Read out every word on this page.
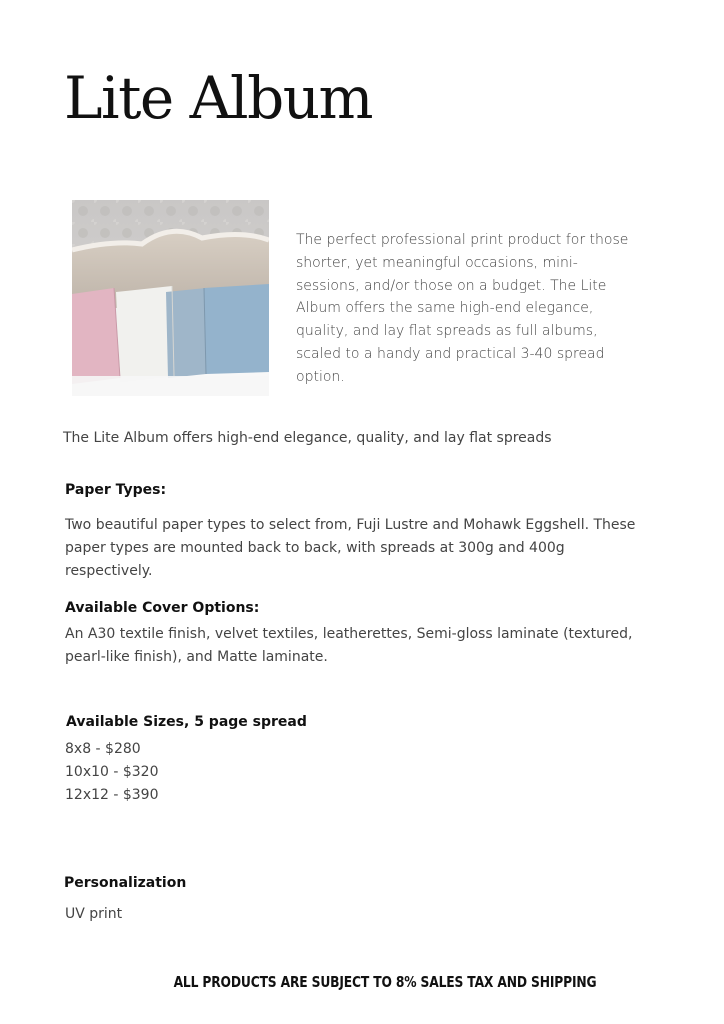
Lite Album

The perfect professional print product for those shorter, yet meaningful occasions, mini-sessions, and/or those on a budget. The Lite Album offers the same high-end elegance, quality, and lay flat spreads as full albums, scaled to a handy and practical 3-40 spread option.

The Lite Album offers high-end elegance, quality, and lay flat spreads

Paper Types:

Two beautiful paper types to select from, Fuji Lustre and Mohawk Eggshell. These paper types are mounted back to back, with spreads at 300g and 400g respectively.

Available Cover Options:

An A30 textile finish, velvet textiles, leatherettes, Semi-gloss laminate (textured, pearl-like finish), and Matte laminate.

Available Sizes, 5 page spread
8x8 - $280
10x10 - $320
12x12 - $390
Personalization

UV print

ALL PRODUCTS ARE SUBJECT TO 8% SALES TAX AND SHIPPING
